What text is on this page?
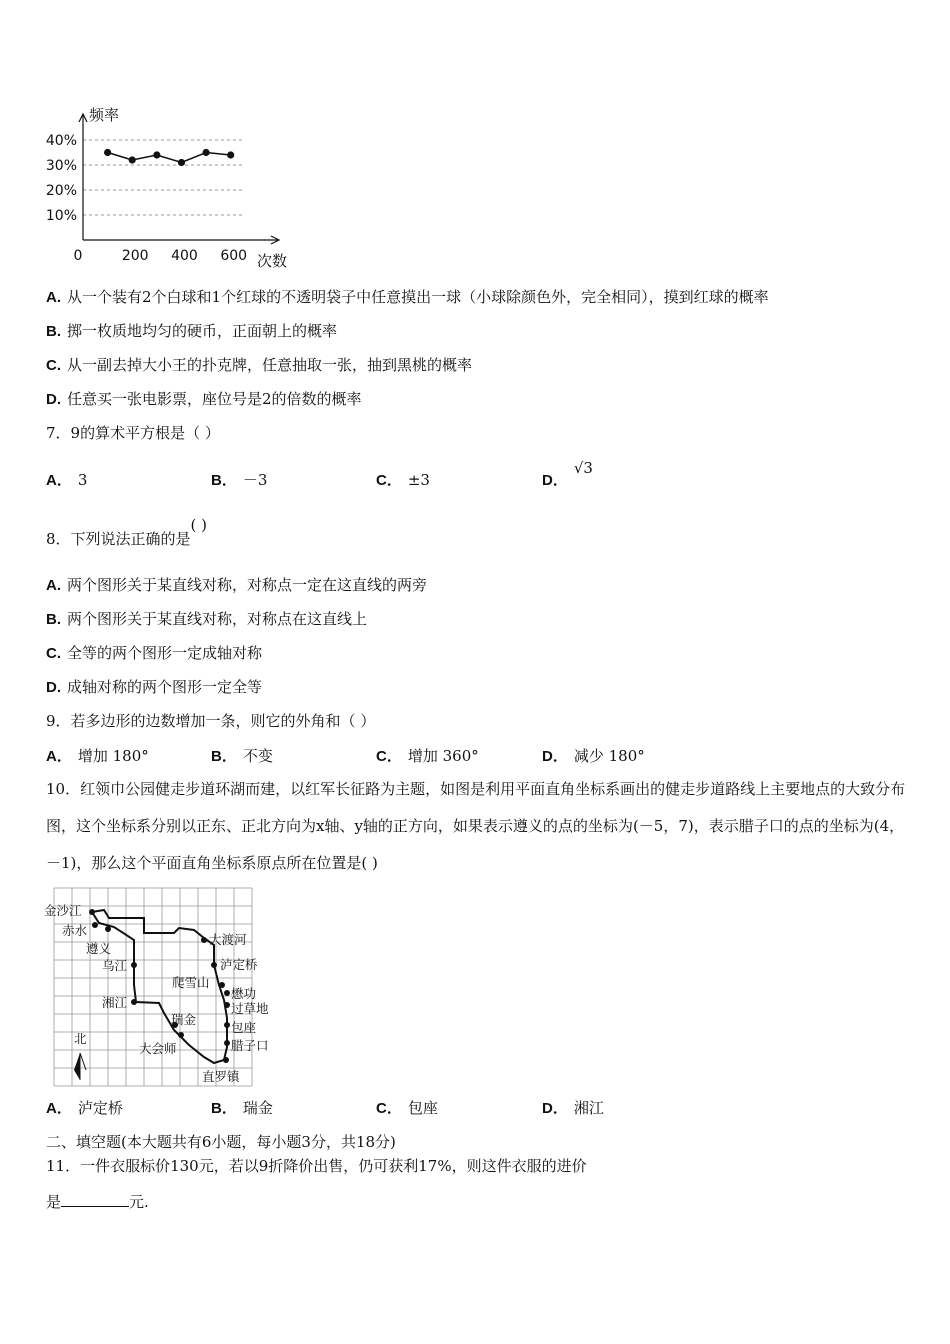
10%
20%
30%
40%
0	200 400 600
频率
次数
A. 从一个装有2个白球和1个红球的不透明袋子中任意摸出一球（小球除颜色外，完全相同），摸到红球的概率
B. 掷一枚质地均匀的硬币，正面朝上的概率
C. 从一副去掉大小王的扑克牌，任意抽取一张，抽到黑桃的概率
D. 任意买一张电影票，座位号是2的倍数的概率
7．9的算术平方根是（ ）
A． 3	B． －3	C． ±3	D．√3
8．下列说法正确的是( )
A. 两个图形关于某直线对称，对称点一定在这直线的两旁
B. 两个图形关于某直线对称，对称点在这直线上
C. 全等的两个图形一定成轴对称
D. 成轴对称的两个图形一定全等
9．若多边形的边数增加一条，则它的外角和（ ）
A． 增加 180°	B． 不变	C． 增加 360°	D． 减少 180°
10．红领巾公园健走步道环湖而建，以红军长征路为主题，如图是利用平面直角坐标系画出的健走步道路线上主要地点的大致分布图，这个坐标系分别以正东、正北方向为x轴、y轴的正方向，如果表示遵义的点的坐标为(－5，7)，表示腊子口的点的坐标为(4，－1)，那么这个平面直角坐标系原点所在位置是( )
金沙江
赤水
遵义
乌江
湘江
瑞金
大会师
大渡河
泸定桥
爬雪山
懋功
过草地
包座
腊子口
直罗镇
北
A． 泸定桥	B． 瑞金	C． 包座	D． 湘江
二、填空题(本大题共有6小题，每小题3分，共18分)
11．一件衣服标价130元，若以9折降价出售，仍可获利17%，则这件衣服的进价
是	元.
